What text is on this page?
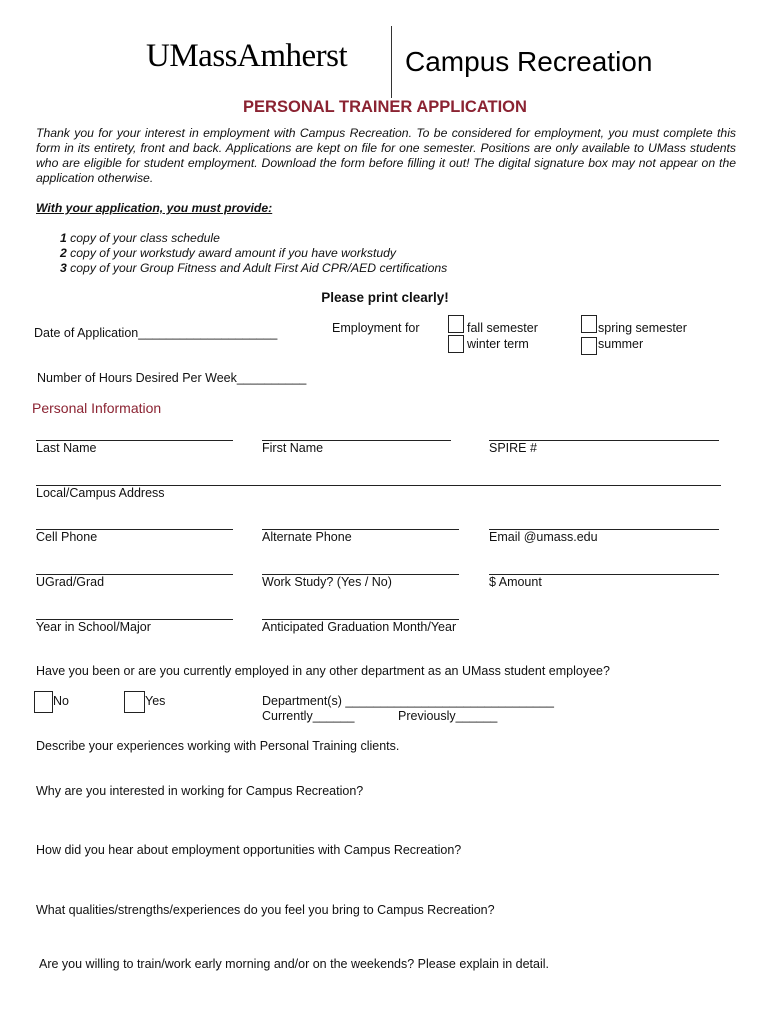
UMassAmherst Campus Recreation
PERSONAL TRAINER APPLICATION
Thank you for your interest in employment with Campus Recreation. To be considered for employment, you must complete this form in its entirety, front and back. Applications are kept on file for one semester. Positions are only available to UMass students who are eligible for student employment. Download the form before filling it out! The digital signature box may not appear on the application otherwise.
With your application, you must provide:
1 copy of your class schedule
2 copy of your workstudy award amount if you have workstudy
3 copy of your Group Fitness and Adult First Aid CPR/AED certifications
Please print clearly!
Date of Application____________________	Employment for	fall semester
winter term
spring semester
summer
Number of Hours Desired Per Week__________
Personal Information
Last Name	First Name	SPIRE #
Local/Campus Address
Cell Phone	Alternate Phone	Email @umass.edu
UGrad/Grad	Work Study? (Yes / No)	$ Amount
Year in School/Major	Anticipated Graduation Month/Year
Have you been or are you currently employed in any other department as an UMass student employee?
No	Yes	Department(s) ______________________________
Currently______	Previously______
Describe your experiences working with Personal Training clients.
Why are you interested in working for Campus Recreation?
How did you hear about employment opportunities with Campus Recreation?
What qualities/strengths/experiences do you feel you bring to Campus Recreation?
Are you willing to train/work early morning and/or on the weekends? Please explain in detail.
